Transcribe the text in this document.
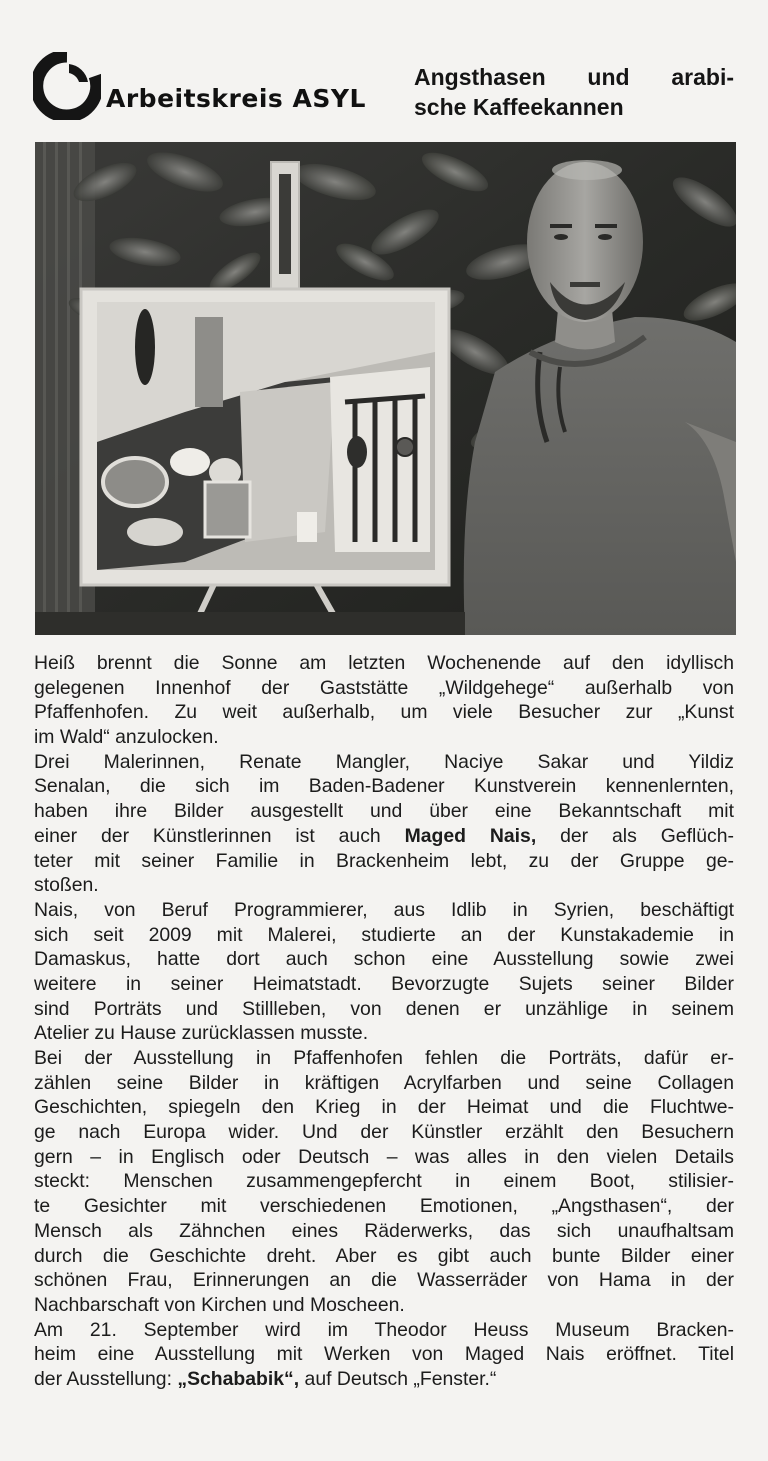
Arbeitskreis ASYL
Angsthasen und arabi-
sche Kaffeekannen
Heiß brennt die Sonne am letzten Wochenende auf den idyllisch
gelegenen Innenhof der Gaststätte „Wildgehege“ außerhalb von
Pfaffenhofen. Zu weit außerhalb, um viele Besucher zur „Kunst
im Wald“ anzulocken.
Drei Malerinnen, Renate Mangler, Naciye Sakar und Yildiz
Senalan, die sich im Baden-Badener Kunstverein kennenlernten,
haben ihre Bilder ausgestellt und über eine Bekanntschaft mit
einer der Künstlerinnen ist auch Maged Nais, der als Geflüch-
teter mit seiner Familie in Brackenheim lebt, zu der Gruppe ge-
stoßen.
Nais, von Beruf Programmierer, aus Idlib in Syrien, beschäftigt
sich seit 2009 mit Malerei, studierte an der Kunstakademie in
Damaskus, hatte dort auch schon eine Ausstellung sowie zwei
weitere in seiner Heimatstadt. Bevorzugte Sujets seiner Bilder
sind Porträts und Stillleben, von denen er unzählige in seinem
Atelier zu Hause zurücklassen musste.
Bei der Ausstellung in Pfaffenhofen fehlen die Porträts, dafür er-
zählen seine Bilder in kräftigen Acrylfarben und seine Collagen
Geschichten, spiegeln den Krieg in der Heimat und die Fluchtwe-
ge nach Europa wider. Und der Künstler erzählt den Besuchern
gern – in Englisch oder Deutsch – was alles in den vielen Details
steckt: Menschen zusammengepfercht in einem Boot, stilisier-
te Gesichter mit verschiedenen Emotionen, „Angsthasen“, der
Mensch als Zähnchen eines Räderwerks, das sich unaufhaltsam
durch die Geschichte dreht. Aber es gibt auch bunte Bilder einer
schönen Frau, Erinnerungen an die Wasserräder von Hama in der
Nachbarschaft von Kirchen und Moscheen.
Am 21. September wird im Theodor Heuss Museum Bracken-
heim eine Ausstellung mit Werken von Maged Nais eröffnet. Titel
der Ausstellung: „Schababik“, auf Deutsch „Fenster.“
